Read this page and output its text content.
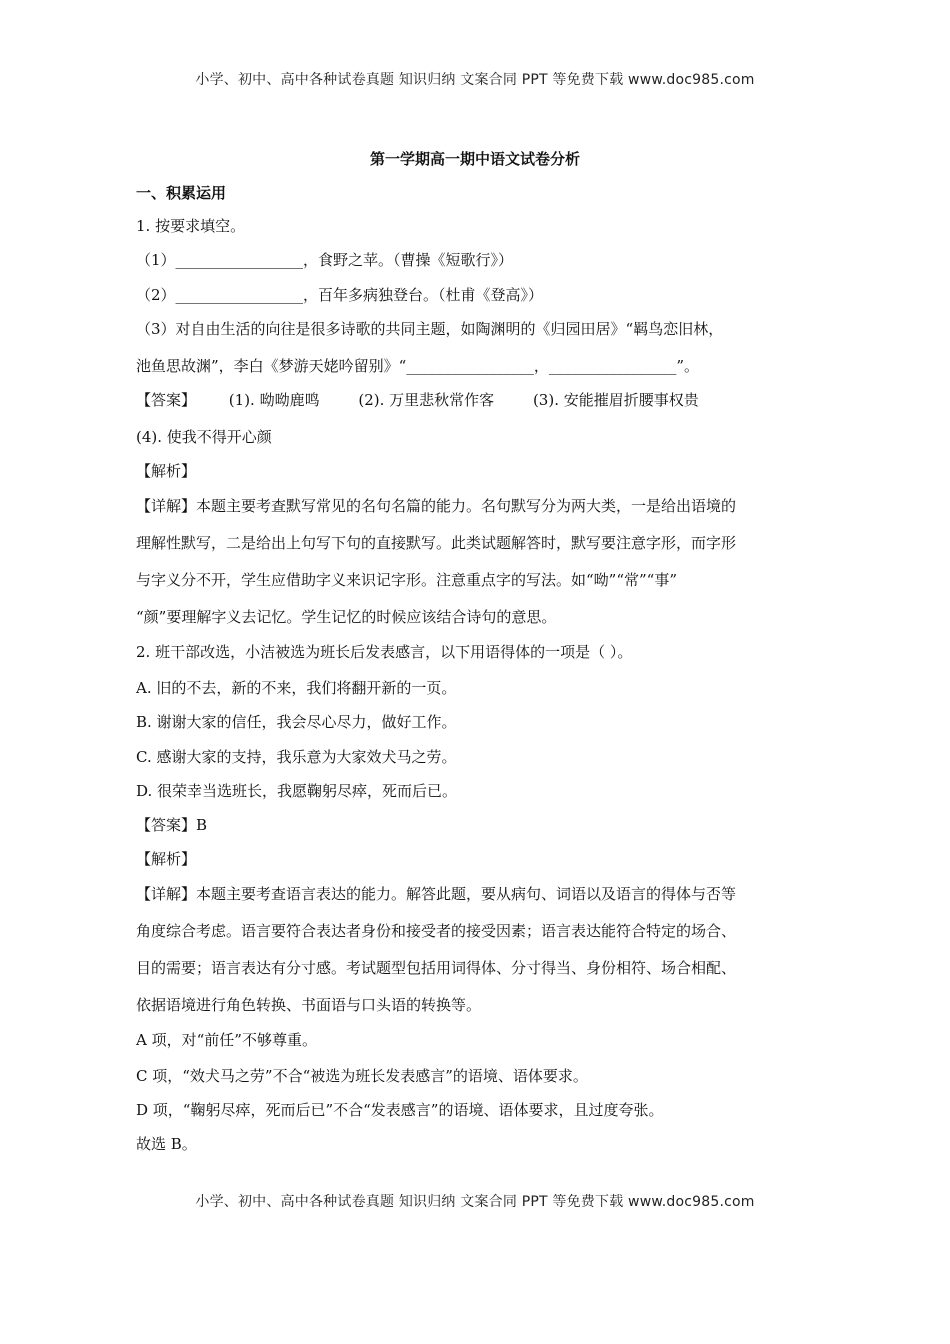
小学、初中、高中各种试卷真题 知识归纳 文案合同 PPT 等免费下载 www.doc985.com
第一学期高一期中语文试卷分析
一、积累运用
1. 按要求填空。
（1）_________________，食野之苹。（曹操《短歌行》）
（2）_________________，百年多病独登台。（杜甫《登高》）
（3）对自由生活的向往是很多诗歌的共同主题，如陶渊明的《归园田居》“羁鸟恋旧林，
池鱼思故渊”，李白《梦游天姥吟留别》“_________________，_________________”。
【答案】 (1). 呦呦鹿鸣	(2). 万里悲秋常作客	(3). 安能摧眉折腰事权贵
(4). 使我不得开心颜
【解析】
【详解】本题主要考查默写常见的名句名篇的能力。名句默写分为两大类，一是给出语境的
理解性默写，二是给出上句写下句的直接默写。此类试题解答时，默写要注意字形，而字形
与字义分不开，学生应借助字义来识记字形。注意重点字的写法。如“呦”“常”“事”
“颜”要理解字义去记忆。学生记忆的时候应该结合诗句的意思。
2. 班干部改选，小洁被选为班长后发表感言，以下用语得体的一项是（ ）。
A. 旧的不去，新的不来，我们将翻开新的一页。
B. 谢谢大家的信任，我会尽心尽力，做好工作。
C. 感谢大家的支持，我乐意为大家效犬马之劳。
D. 很荣幸当选班长，我愿鞠躬尽瘁，死而后已。
【答案】B
【解析】
【详解】本题主要考查语言表达的能力。解答此题，要从病句、词语以及语言的得体与否等
角度综合考虑。语言要符合表达者身份和接受者的接受因素；语言表达能符合特定的场合、
目的需要；语言表达有分寸感。考试题型包括用词得体、分寸得当、身份相符、场合相配、
依据语境进行角色转换、书面语与口头语的转换等。
A 项，对“前任”不够尊重。
C 项，“效犬马之劳”不合“被选为班长发表感言”的语境、语体要求。
D 项，“鞠躬尽瘁，死而后已”不合“发表感言”的语境、语体要求，且过度夸张。
故选 B。
小学、初中、高中各种试卷真题 知识归纳 文案合同 PPT 等免费下载 www.doc985.com
